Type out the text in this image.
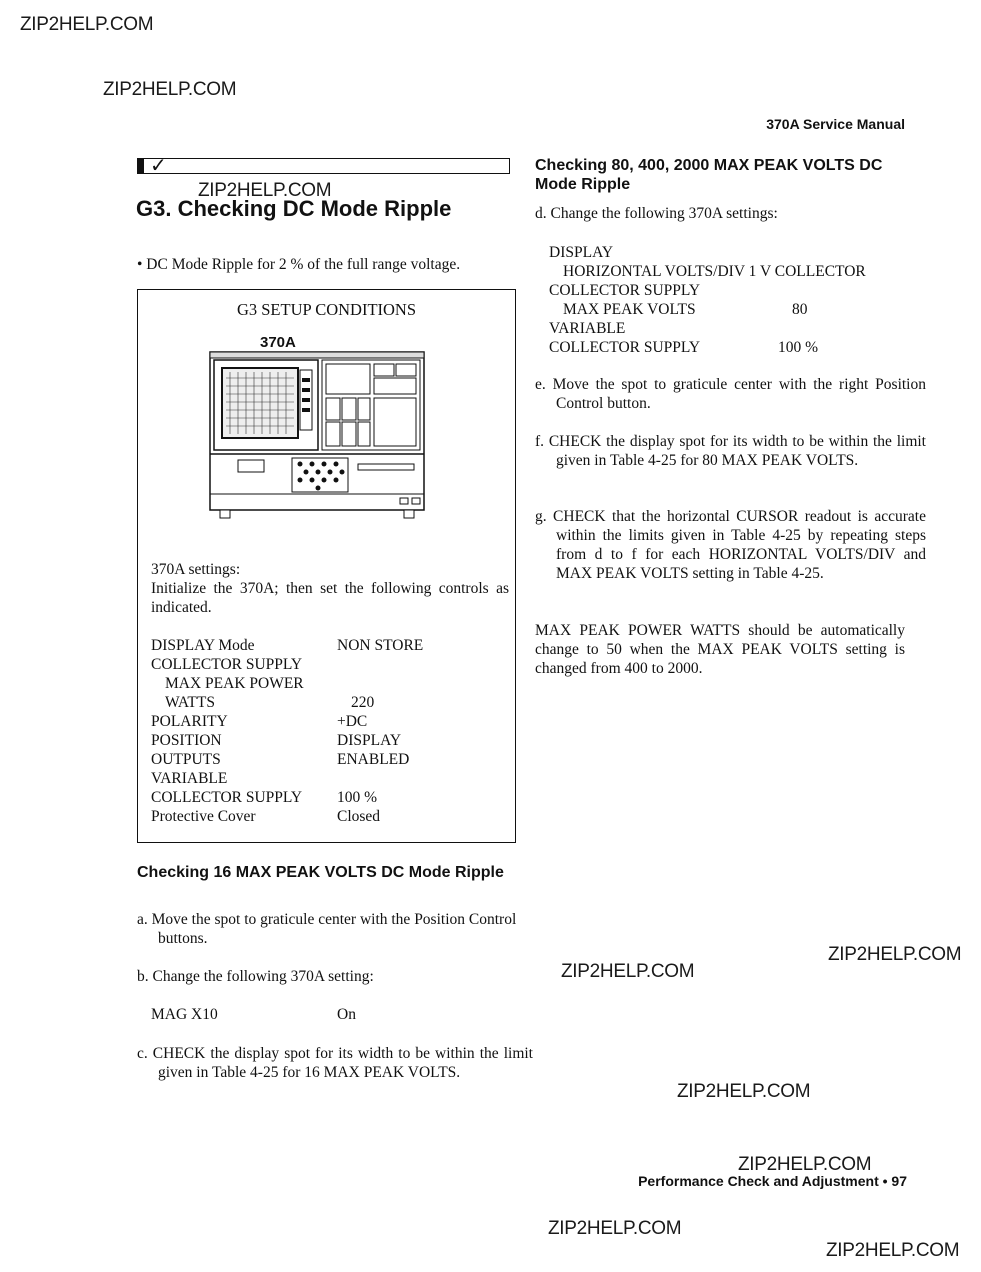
ZIP2HELP.COM
ZIP2HELP.COM
ZIP2HELP.COM
ZIP2HELP.COM
ZIP2HELP.COM
ZIP2HELP.COM
ZIP2HELP.COM
ZIP2HELP.COM
ZIP2HELP.COM
370A Service Manual
✓
G3. Checking DC Mode Ripple
• DC Mode Ripple for 2 % of the full range voltage.
G3 SETUP CONDITIONS
370A
370A settings:
Initialize the 370A; then set the following controls as indicated.
DISPLAY Mode	NON STORE
COLLECTOR SUPPLY
MAX PEAK POWER
WATTS	220
POLARITY	+DC
POSITION	DISPLAY
OUTPUTS	ENABLED
VARIABLE
COLLECTOR SUPPLY	100 %
Protective Cover	Closed
Checking 16 MAX PEAK VOLTS DC Mode Ripple
a. Move the spot to graticule center with the Position Control buttons.
b. Change the following 370A setting:
MAG X10	On
c. CHECK the display spot for its width to be within the limit given in Table 4-25 for 16 MAX PEAK VOLTS.
Checking 80, 400, 2000 MAX PEAK VOLTS DC Mode Ripple
d. Change the following 370A settings:
DISPLAY
HORIZONTAL VOLTS/DIV 1 V COLLECTOR
COLLECTOR SUPPLY
MAX PEAK VOLTS	80
VARIABLE
COLLECTOR SUPPLY	100 %
e. Move the spot to graticule center with the right Position Control button.
f. CHECK the display spot for its width to be within the limit given in Table 4-25 for 80 MAX PEAK VOLTS.
g. CHECK that the horizontal CURSOR readout is accurate within the limits given in Table 4-25 by repeating steps from d to f for each HORIZONTAL VOLTS/DIV and MAX PEAK VOLTS setting in Table 4-25.
MAX PEAK POWER WATTS should be automatically change to 50 when the MAX PEAK VOLTS setting is changed from 400 to 2000.
Performance Check and Adjustment • 97
